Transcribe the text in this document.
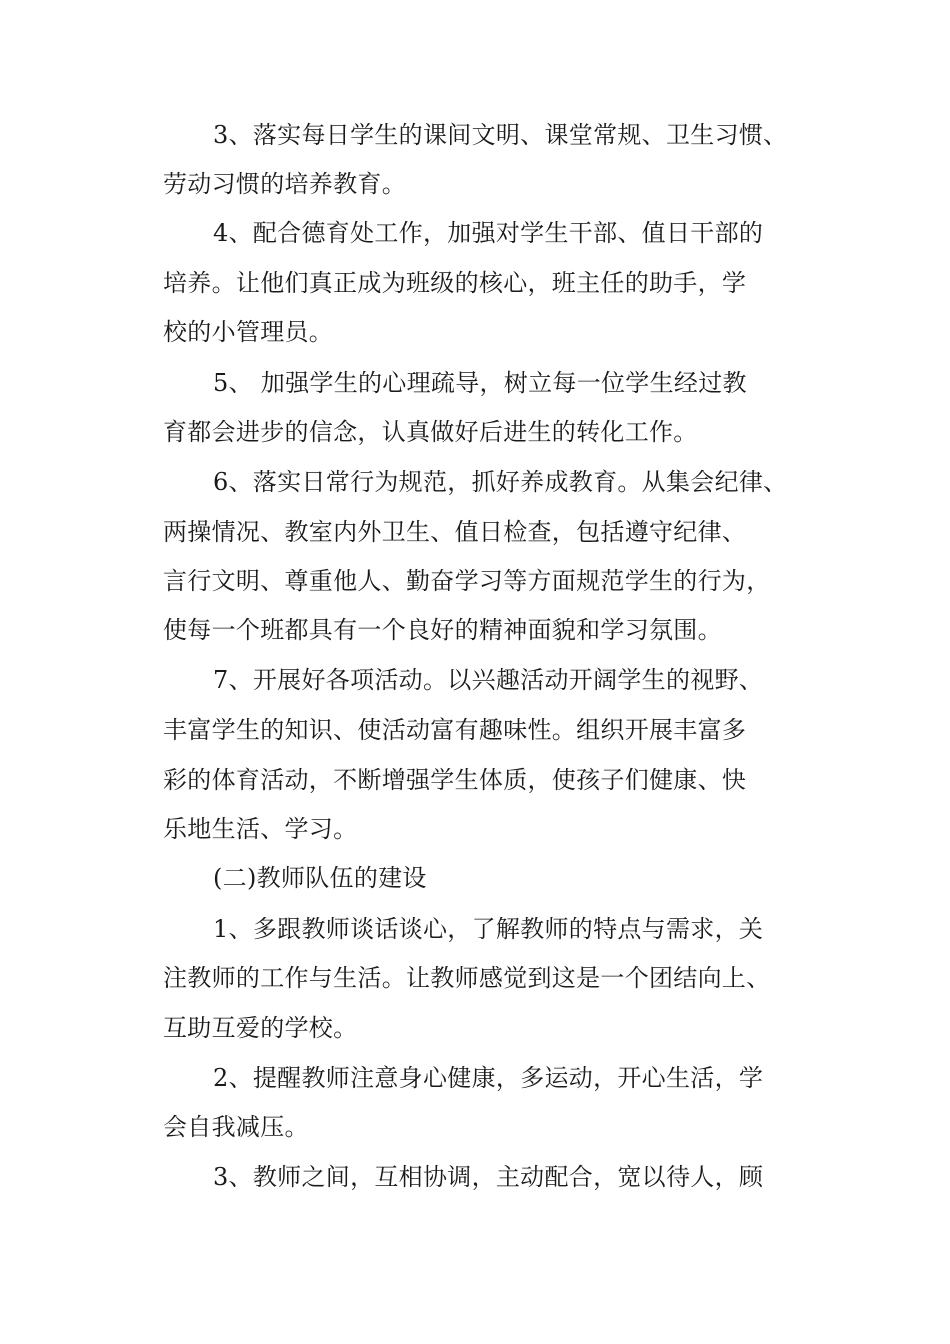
3、落实每日学生的课间文明、课堂常规、卫生习惯、
劳动习惯的培养教育。
4、配合德育处工作，加强对学生干部、值日干部的
培养。让他们真正成为班级的核心，班主任的助手，学
校的小管理员。
5、 加强学生的心理疏导，树立每一位学生经过教
育都会进步的信念，认真做好后进生的转化工作。
6、落实日常行为规范，抓好养成教育。从集会纪律、
两操情况、教室内外卫生、值日检查，包括遵守纪律、
言行文明、尊重他人、勤奋学习等方面规范学生的行为，
使每一个班都具有一个良好的精神面貌和学习氛围。
7、开展好各项活动。以兴趣活动开阔学生的视野、
丰富学生的知识、使活动富有趣味性。组织开展丰富多
彩的体育活动，不断增强学生体质，使孩子们健康、快
乐地生活、学习。
(二)教师队伍的建设
1、多跟教师谈话谈心，了解教师的特点与需求，关
注教师的工作与生活。让教师感觉到这是一个团结向上、
互助互爱的学校。
2、提醒教师注意身心健康，多运动，开心生活，学
会自我减压。
3、教师之间，互相协调，主动配合，宽以待人，顾
